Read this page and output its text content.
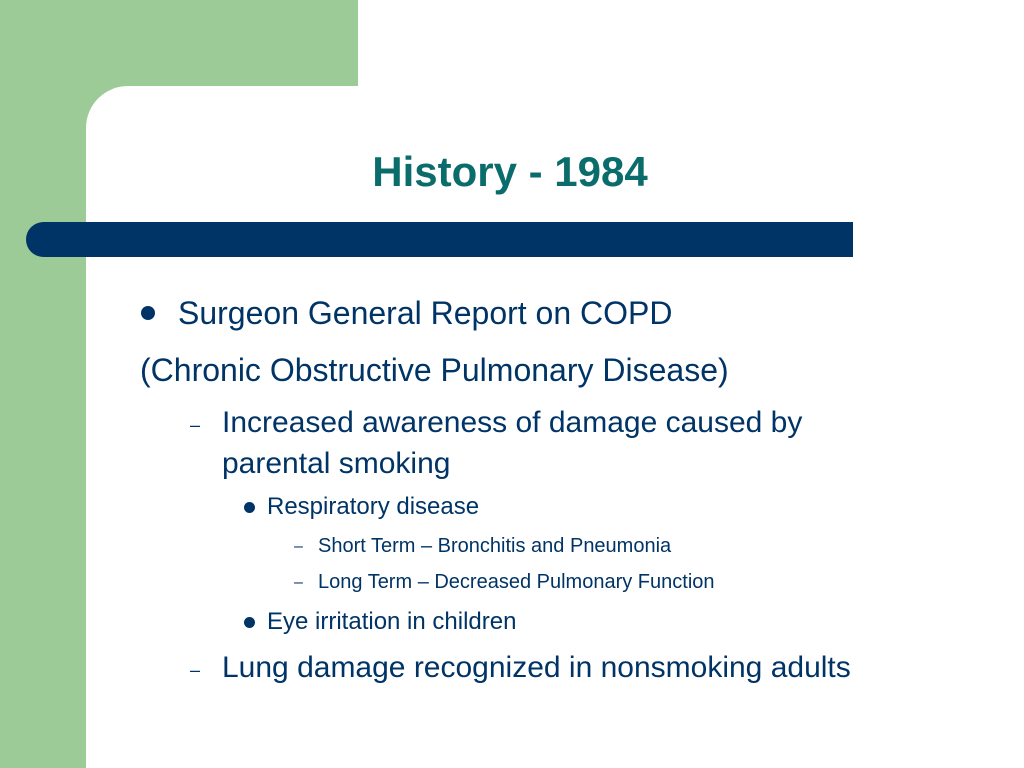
History - 1984
Surgeon General Report on COPD
(Chronic Obstructive Pulmonary Disease)
– Increased awareness of damage caused by
parental smoking
Respiratory disease
– Short Term – Bronchitis and Pneumonia
– Long Term – Decreased Pulmonary Function
Eye irritation in children
– Lung damage recognized in nonsmoking adults
